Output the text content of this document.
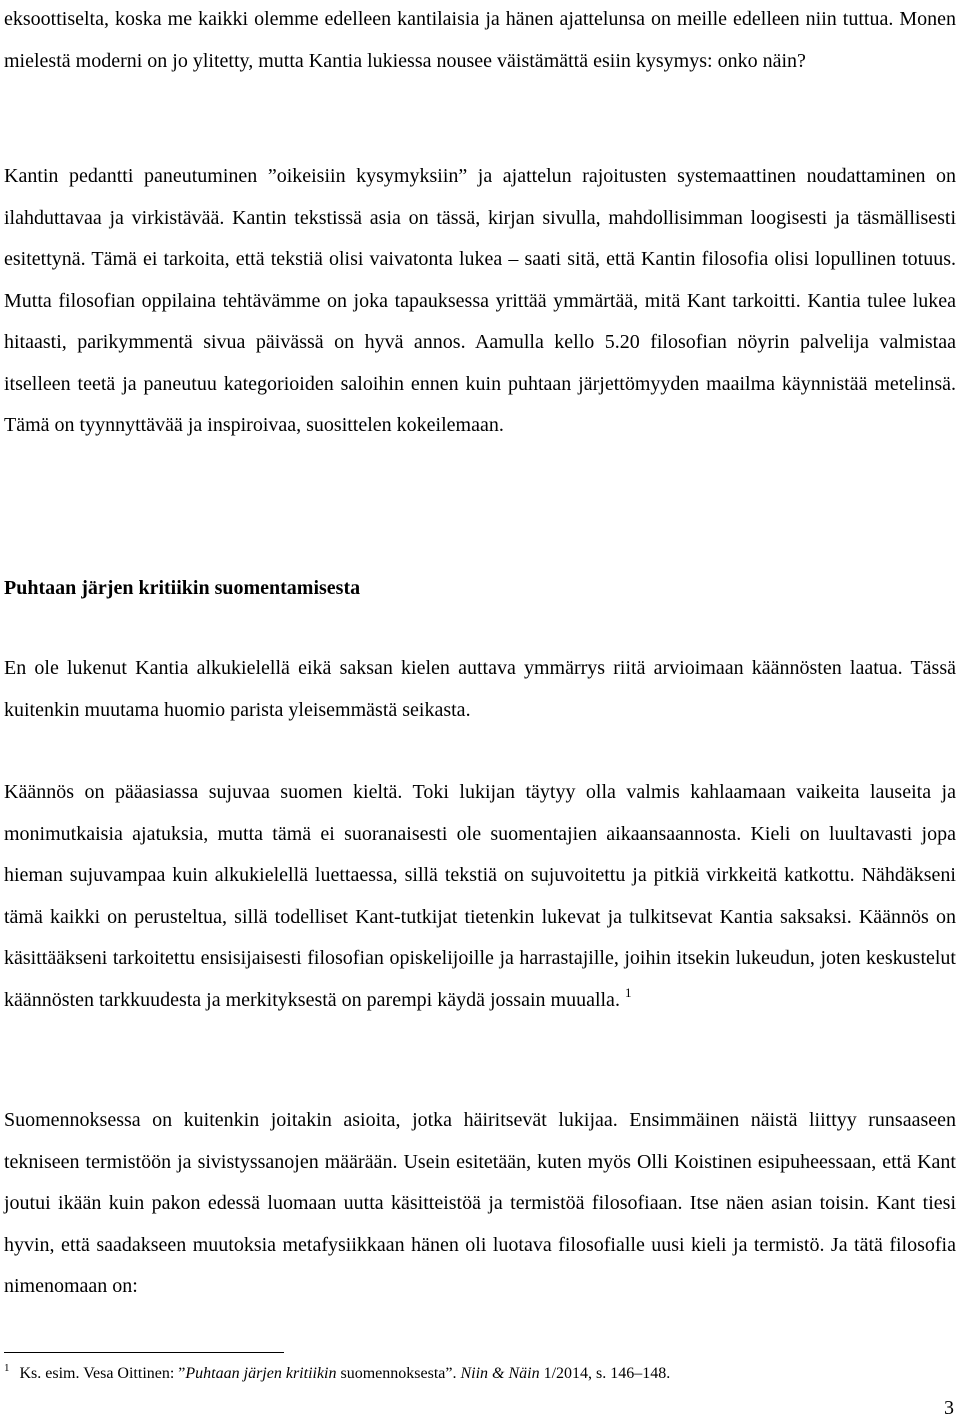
eksoottiselta, koska me kaikki olemme edelleen kantilaisia ja hänen ajattelunsa on meille edelleen niin tuttua. Monen mielestä moderni on jo ylitetty, mutta Kantia lukiessa nousee väistämättä esiin kysymys: onko näin?

Kantin pedantti paneutuminen ”oikeisiin kysymyksiin” ja ajattelun rajoitusten systemaattinen noudattaminen on ilahduttavaa ja virkistävää. Kantin tekstissä asia on tässä, kirjan sivulla, mahdollisimman loogisesti ja täsmällisesti esitettynä. Tämä ei tarkoita, että tekstiä olisi vaivatonta lukea – saati sitä, että Kantin filosofia olisi lopullinen totuus. Mutta filosofian oppilaina tehtävämme on joka tapauksessa yrittää ymmärtää, mitä Kant tarkoitti. Kantia tulee lukea hitaasti, parikymmentä sivua päivässä on hyvä annos. Aamulla kello 5.20 filosofian nöyrin palvelija valmistaa itselleen teetä ja paneutuu kategorioiden saloihin ennen kuin puhtaan järjettömyyden maailma käynnistää metelinsä. Tämä on tyynnyttävää ja inspiroivaa, suosittelen kokeilemaan.

Puhtaan järjen kritiikin suomentamisesta

En ole lukenut Kantia alkukielellä eikä saksan kielen auttava ymmärrys riitä arvioimaan käännösten laatua. Tässä kuitenkin muutama huomio parista yleisemmästä seikasta.

Käännös on pääasiassa sujuvaa suomen kieltä. Toki lukijan täytyy olla valmis kahlaamaan vaikeita lauseita ja monimutkaisia ajatuksia, mutta tämä ei suoranaisesti ole suomentajien aikaansaannosta. Kieli on luultavasti jopa hieman sujuvampaa kuin alkukielellä luettaessa, sillä tekstiä on sujuvoitettu ja pitkiä virkkeitä katkottu. Nähdäkseni tämä kaikki on perusteltua, sillä todelliset Kant-tutkijat tietenkin lukevat ja tulkitsevat Kantia saksaksi. Käännös on käsittääkseni tarkoitettu ensisijaisesti filosofian opiskelijoille ja harrastajille, joihin itsekin lukeudun, joten keskustelut käännösten tarkkuudesta ja merkityksestä on parempi käydä jossain muualla. $^1$

Suomennoksessa on kuitenkin joitakin asioita, jotka häiritsevät lukijaa. Ensimmäinen näistä liittyy runsaaseen tekniseen termistöön ja sivistyssanojen määrään. Usein esitetään, kuten myös Olli Koistinen esipuheessaan, että Kant joutui ikään kuin pakon edessä luomaan uutta käsitteistöä ja termistöä filosofiaan. Itse näen asian toisin. Kant tiesi hyvin, että saadakseen muutoksia metafysiikkaan hänen oli luotava filosofialle uusi kieli ja termistö. Ja tätä filosofia nimenomaan on:

$^1$ Ks. esim. Vesa Oittinen: ”Puhtaan järjen kritiikin suomennoksesta”. Niin & Näin 1/2014, s. 146–148.

3
